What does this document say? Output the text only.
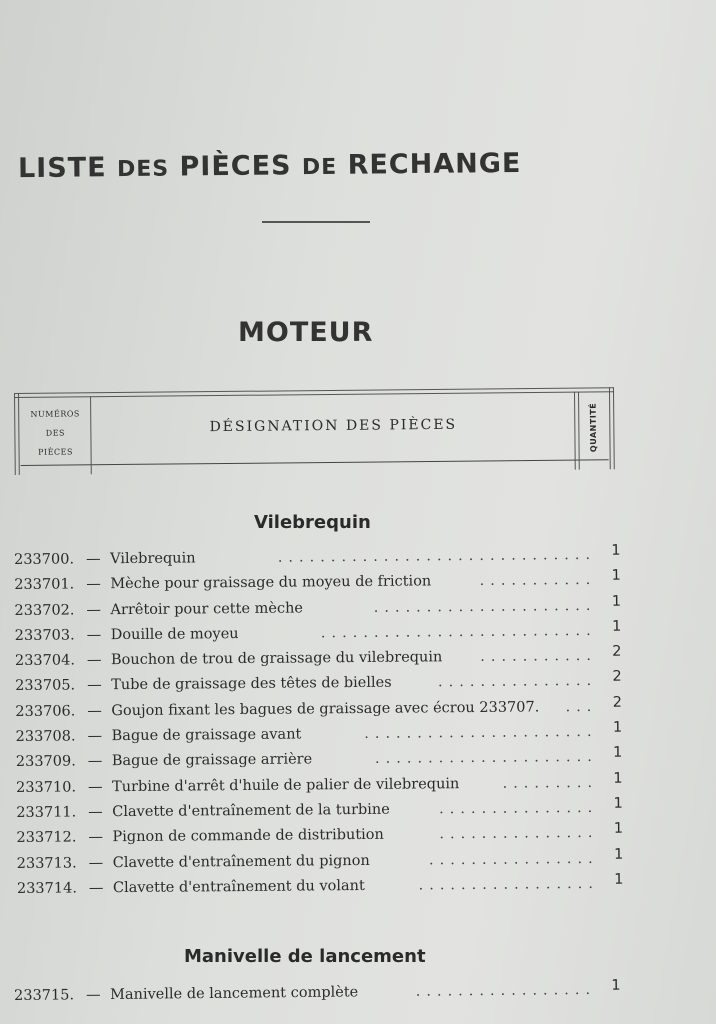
LISTE DES PIÈCES DE RECHANGE
MOTEUR
NUMÉROS
DES
PIÈCES
DÉSIGNATION DES PIÈCES	QUANTITÉ
Vilebrequin
233700. — Vilebrequin	..............................	1
233701. — Mèche pour graissage du moyeu de friction	...........	1
233702. — Arrêtoir pour cette mèche	.....................	1
233703. — Douille de moyeu	..........................	1
233704. — Bouchon de trou de graissage du vilebrequin	...........	2
233705. — Tube de graissage des têtes de bielles	...............	2
233706. — Goujon fixant les bagues de graissage avec écrou 233707. ...	2
233708. — Bague de graissage avant	......................	1
233709. — Bague de graissage arrière	.....................	1
233710. — Turbine d'arrêt d'huile de palier de vilebrequin	.........	1
233711. — Clavette d'entraînement de la turbine	...............	1
233712. — Pignon de commande de distribution	...............	1
233713. — Clavette d'entraînement du pignon	................	1
233714. — Clavette d'entraînement du volant	.................	1
Manivelle de lancement
233715. — Manivelle de lancement complète	.................	1
